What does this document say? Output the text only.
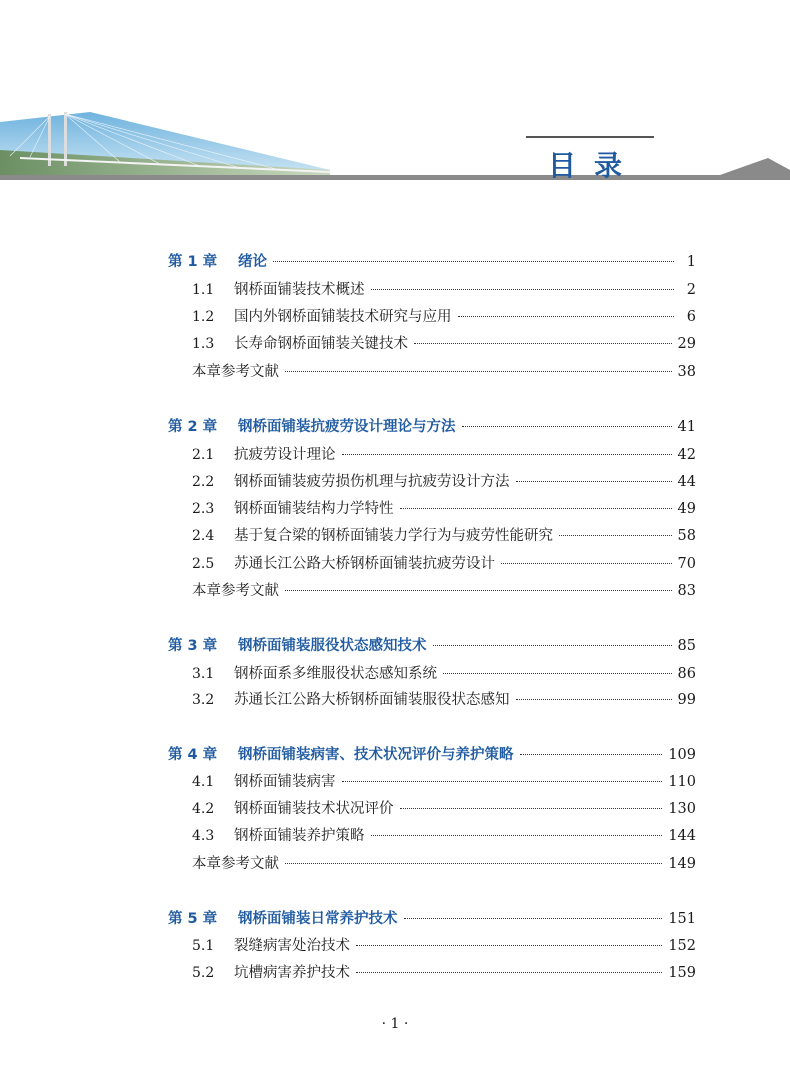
目录
第 1 章	绪论	1
1.1	钢桥面铺装技术概述	2
1.2	国内外钢桥面铺装技术研究与应用	6
1.3	长寿命钢桥面铺装关键技术	29
本章参考文献	38
第 2 章	钢桥面铺装抗疲劳设计理论与方法	41
2.1	抗疲劳设计理论	42
2.2	钢桥面铺装疲劳损伤机理与抗疲劳设计方法	44
2.3	钢桥面铺装结构力学特性	49
2.4	基于复合梁的钢桥面铺装力学行为与疲劳性能研究	58
2.5	苏通长江公路大桥钢桥面铺装抗疲劳设计	70
本章参考文献	83
第 3 章	钢桥面铺装服役状态感知技术	85
3.1	钢桥面系多维服役状态感知系统	86
3.2	苏通长江公路大桥钢桥面铺装服役状态感知	99
第 4 章	钢桥面铺装病害、技术状况评价与养护策略	109
4.1	钢桥面铺装病害	110
4.2	钢桥面铺装技术状况评价	130
4.3	钢桥面铺装养护策略	144
本章参考文献	149
第 5 章	钢桥面铺装日常养护技术	151
5.1	裂缝病害处治技术	152
5.2	坑槽病害养护技术	159
· 1 ·
